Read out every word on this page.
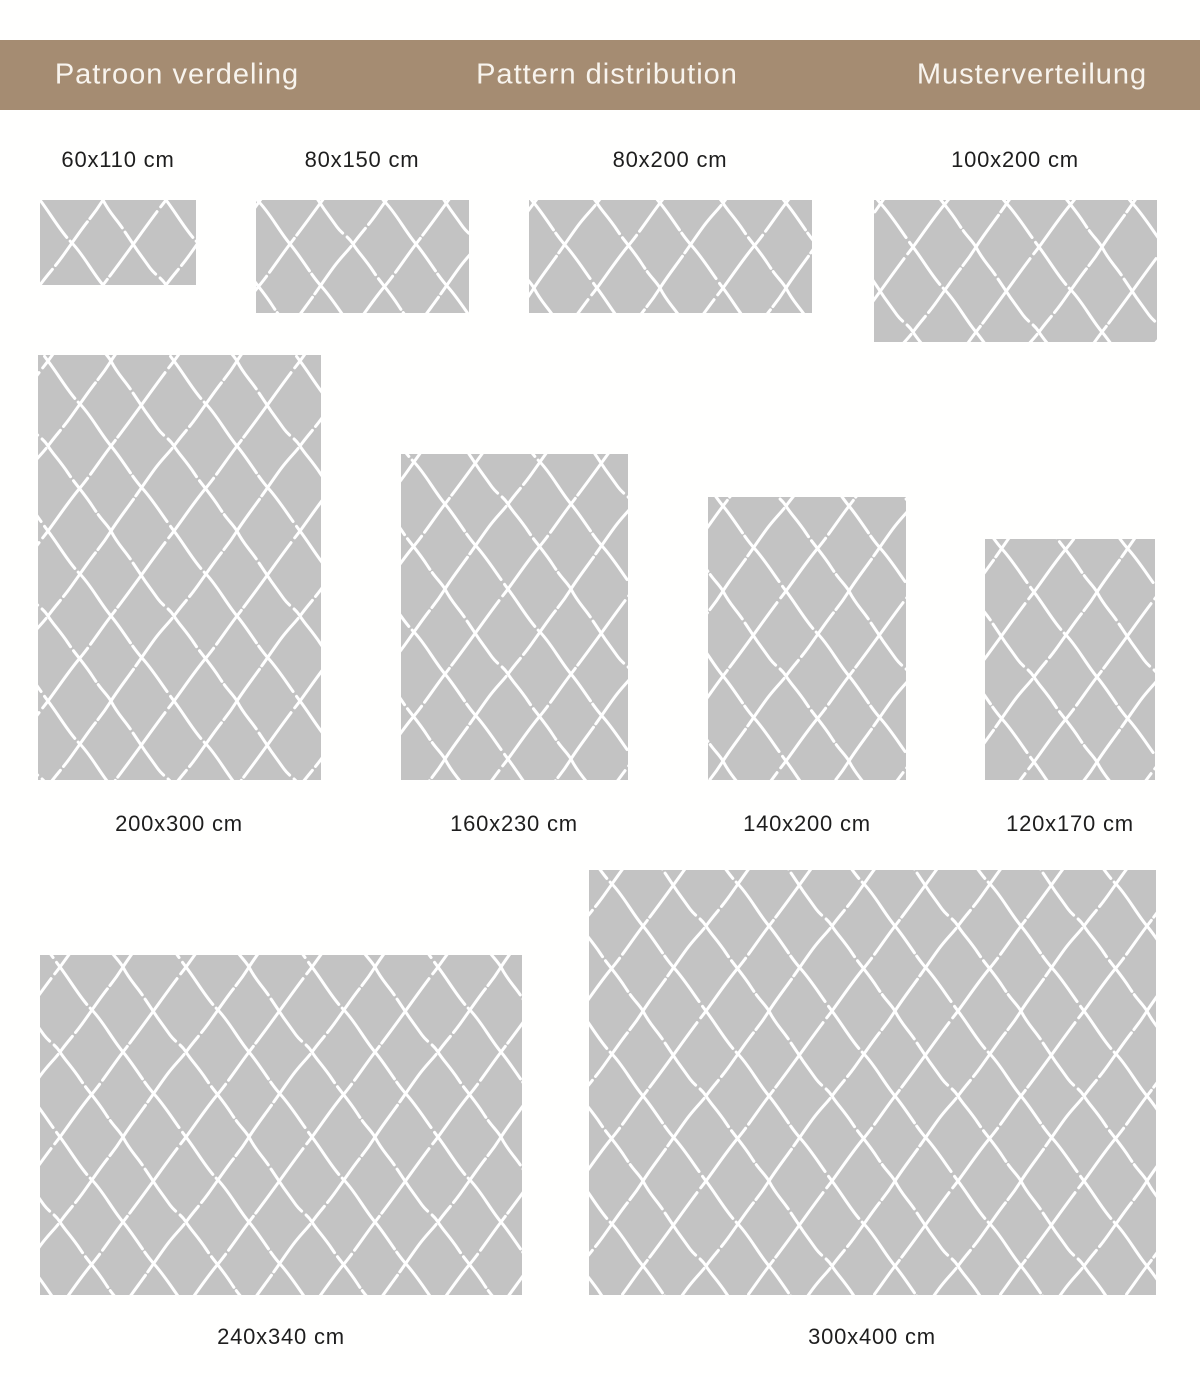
Patroon verdeling	Pattern distribution	Musterverteilung
60x110 cm	80x150 cm	80x200 cm	100x200 cm
200x300 cm	160x230 cm	140x200 cm	120x170 cm
240x340 cm	300x400 cm
